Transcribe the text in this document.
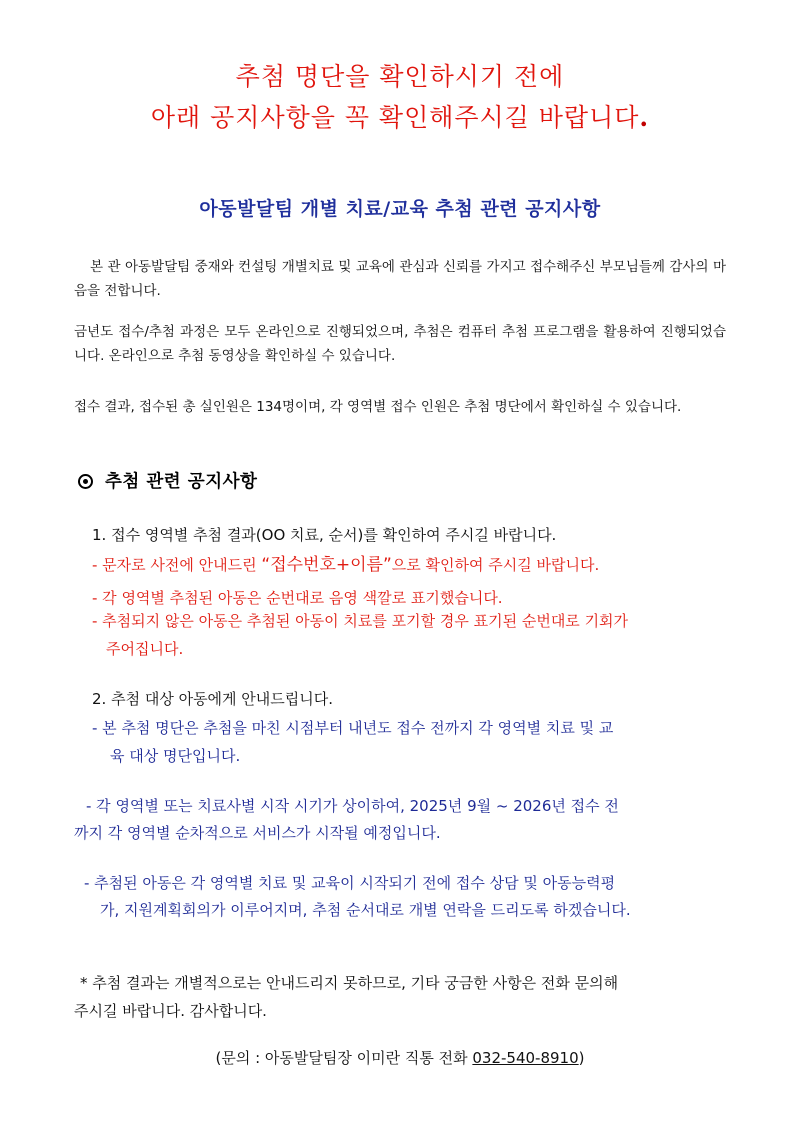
추첨 명단을 확인하시기 전에
아래 공지사항을 꼭 확인해주시길 바랍니다.
아동발달팀 개별 치료/교육 추첨 관련 공지사항
본 관 아동발달팀 중재와 컨설팅 개별치료 및 교육에 관심과 신뢰를 가지고 접수해주신 부모님들께 감사의 마음을 전합니다.
금년도 접수/추첨 과정은 모두 온라인으로 진행되었으며, 추첨은 컴퓨터 추첨 프로그램을 활용하여 진행되었습니다. 온라인으로 추첨 동영상을 확인하실 수 있습니다.
접수 결과, 접수된 총 실인원은 134명이며, 각 영역별 접수 인원은 추첨 명단에서 확인하실 수 있습니다.
추첨 관련 공지사항
1. 접수 영역별 추첨 결과(OO 치료, 순서)를 확인하여 주시길 바랍니다.
- 문자로 사전에 안내드린 “접수번호+이름”으로 확인하여 주시길 바랍니다.
- 각 영역별 추첨된 아동은 순번대로 음영 색깔로 표기했습니다.
- 추첨되지 않은 아동은 추첨된 아동이 치료를 포기할 경우 표기된 순번대로 기회가
주어집니다.
2. 추첨 대상 아동에게 안내드립니다.
- 본 추첨 명단은 추첨을 마친 시점부터 내년도 접수 전까지 각 영역별 치료 및 교
육 대상 명단입니다.
- 각 영역별 또는 치료사별 시작 시기가 상이하여, 2025년 9월 ~ 2026년 접수 전
까지 각 영역별 순차적으로 서비스가 시작될 예정입니다.
- 추첨된 아동은 각 영역별 치료 및 교육이 시작되기 전에 접수 상담 및 아동능력평
가, 지원계획회의가 이루어지며, 추첨 순서대로 개별 연락을 드리도록 하겠습니다.
* 추첨 결과는 개별적으로는 안내드리지 못하므로, 기타 궁금한 사항은 전화 문의해
주시길 바랍니다. 감사합니다.
(문의 : 아동발달팀장 이미란 직통 전화 032-540-8910)
